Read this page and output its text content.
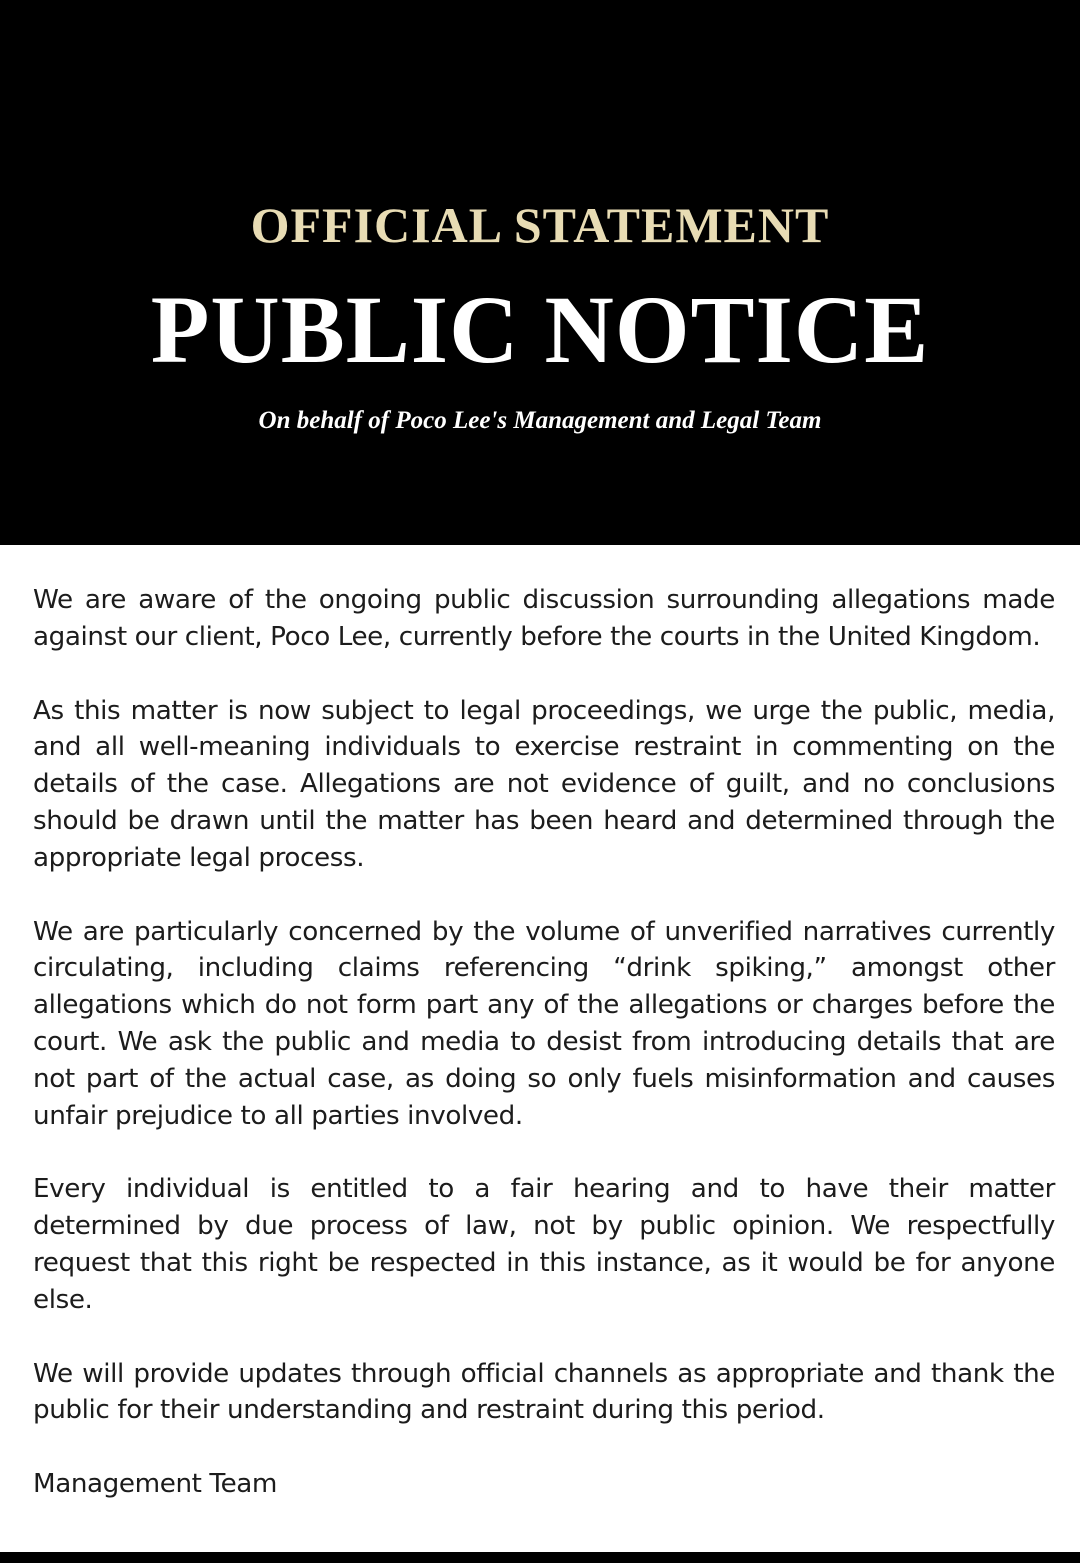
OFFICIAL STATEMENT
PUBLIC NOTICE
On behalf of Poco Lee's Management and Legal Team

We are aware of the ongoing public discussion surrounding allegations made against our client, Poco Lee, currently before the courts in the United Kingdom.

As this matter is now subject to legal proceedings, we urge the public, media, and all well-meaning individuals to exercise restraint in commenting on the details of the case. Allegations are not evidence of guilt, and no conclusions should be drawn until the matter has been heard and determined through the appropriate legal process.

We are particularly concerned by the volume of unverified narratives currently circulating, including claims referencing “drink spiking,” amongst other allegations which do not form part any of the allegations or charges before the court. We ask the public and media to desist from introducing details that are not part of the actual case, as doing so only fuels misinformation and causes unfair prejudice to all parties involved.

Every individual is entitled to a fair hearing and to have their matter determined by due process of law, not by public opinion. We respectfully request that this right be respected in this instance, as it would be for anyone else.

We will provide updates through official channels as appropriate and thank the public for their understanding and restraint during this period.

Management Team
